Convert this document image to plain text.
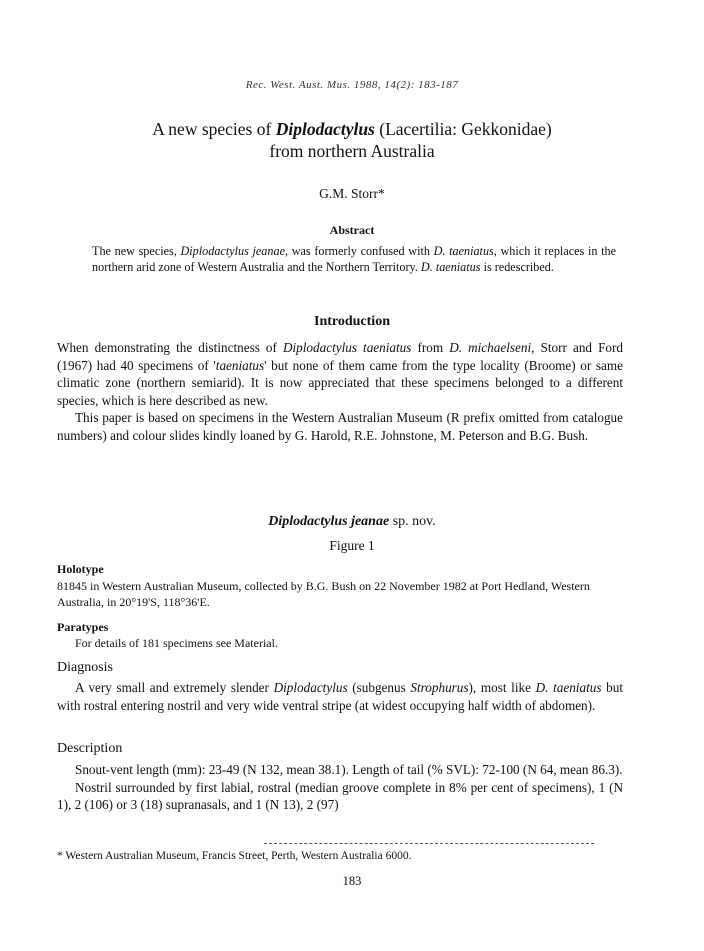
Rec. West. Aust. Mus. 1988, 14(2): 183-187
A new species of Diplodactylus (Lacertilia: Gekkonidae)
from northern Australia
G.M. Storr*
Abstract
The new species, Diplodactylus jeanae, was formerly confused with D. taeniatus, which it replaces in the northern arid zone of Western Australia and the Northern Territory. D. taeniatus is redescribed.
Introduction

When demonstrating the distinctness of Diplodactylus taeniatus from D. michaelseni, Storr and Ford (1967) had 40 specimens of 'taeniatus' but none of them came from the type locality (Broome) or same climatic zone (northern semiarid). It is now appreciated that these specimens belonged to a different species, which is here described as new.

This paper is based on specimens in the Western Australian Museum (R prefix omitted from catalogue numbers) and colour slides kindly loaned by G. Harold, R.E. Johnstone, M. Peterson and B.G. Bush.

Diplodactylus jeanae sp. nov.
Figure 1
Holotype
81845 in Western Australian Museum, collected by B.G. Bush on 22 November 1982 at Port Hedland, Western Australia, in 20°19'S, 118°36'E.
Paratypes
For details of 181 specimens see Material.
Diagnosis

A very small and extremely slender Diplodactylus (subgenus Strophurus), most like D. taeniatus but with rostral entering nostril and very wide ventral stripe (at widest occupying half width of abdomen).

Description

Snout-vent length (mm): 23-49 (N 132, mean 38.1). Length of tail (% SVL): 72-100 (N 64, mean 86.3).

Nostril surrounded by first labial, rostral (median groove complete in 8% per cent of specimens), 1 (N 1), 2 (106) or 3 (18) supranasals, and 1 (N 13), 2 (97)

* Western Australian Museum, Francis Street, Perth, Western Australia 6000.
183
